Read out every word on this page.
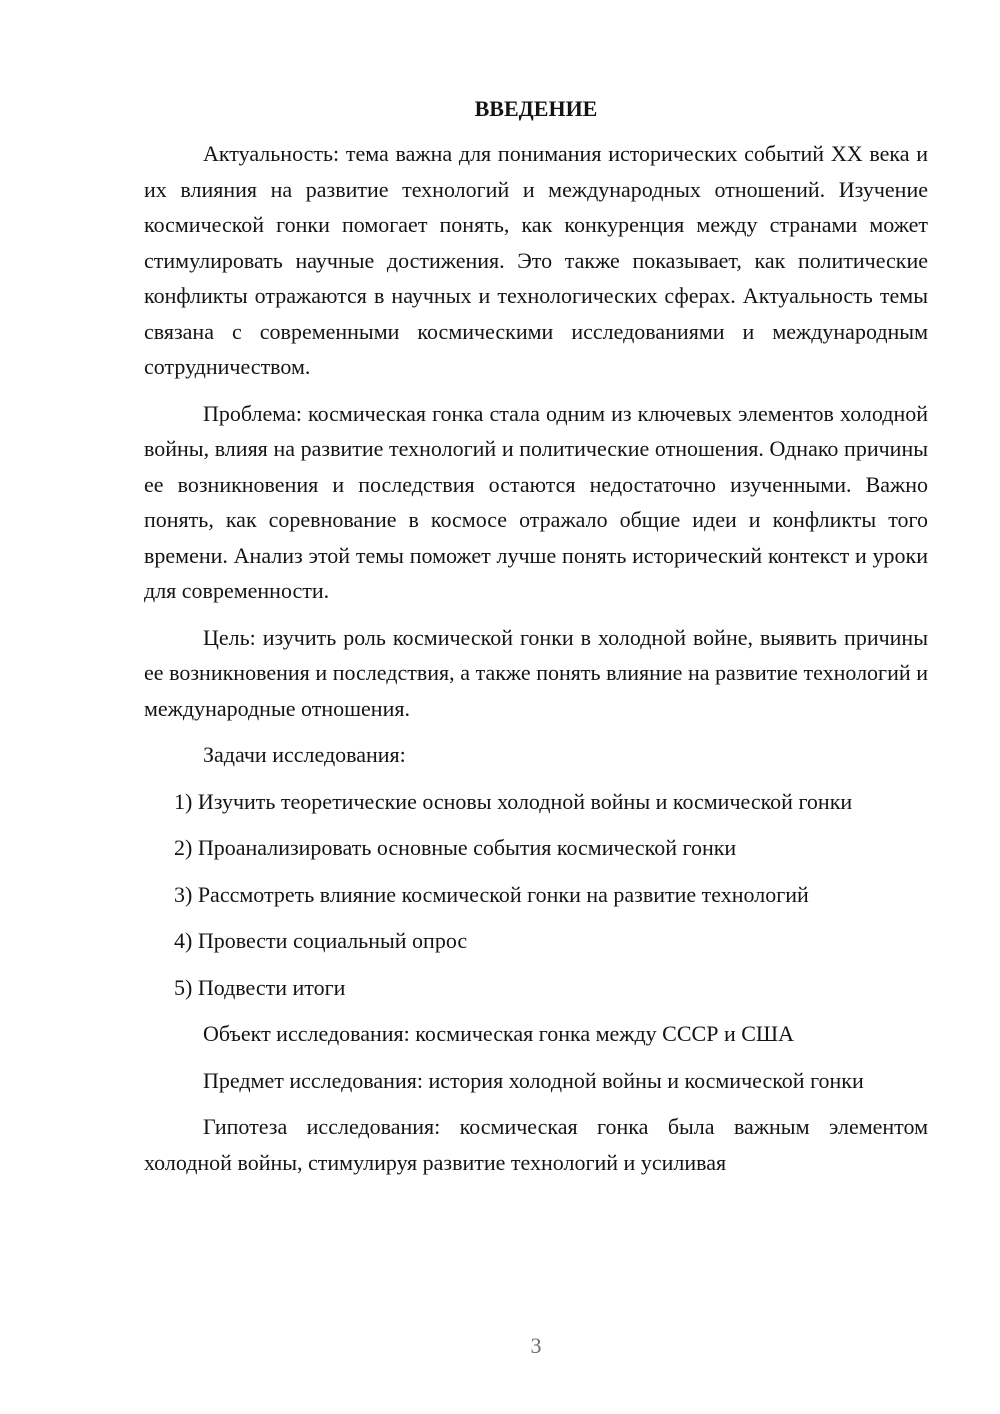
ВВЕДЕНИЕ

Актуальность: тема важна для понимания исторических событий XX века и их влияния на развитие технологий и международных отношений. Изучение космической гонки помогает понять, как конкуренция между странами может стимулировать научные достижения. Это также показывает, как политические конфликты отражаются в научных и технологических сферах. Актуальность темы связана с современными космическими исследованиями и международным сотрудничеством.

Проблема: космическая гонка стала одним из ключевых элементов холодной войны, влияя на развитие технологий и политические отношения. Однако причины ее возникновения и последствия остаются недостаточно изученными. Важно понять, как соревнование в космосе отражало общие идеи и конфликты того времени. Анализ этой темы поможет лучше понять исторический контекст и уроки для современности.

Цель: изучить роль космической гонки в холодной войне, выявить причины ее возникновения и последствия, а также понять влияние на развитие технологий и международные отношения.

Задачи исследования:

1) Изучить теоретические основы холодной войны и космической гонки

2) Проанализировать основные события космической гонки

3) Рассмотреть влияние космической гонки на развитие технологий

4) Провести социальный опрос

5) Подвести итоги

Объект исследования: космическая гонка между СССР и США

Предмет исследования: история холодной войны и космической гонки

Гипотеза исследования: космическая гонка была важным элементом холодной войны, стимулируя развитие технологий и усиливая

3
